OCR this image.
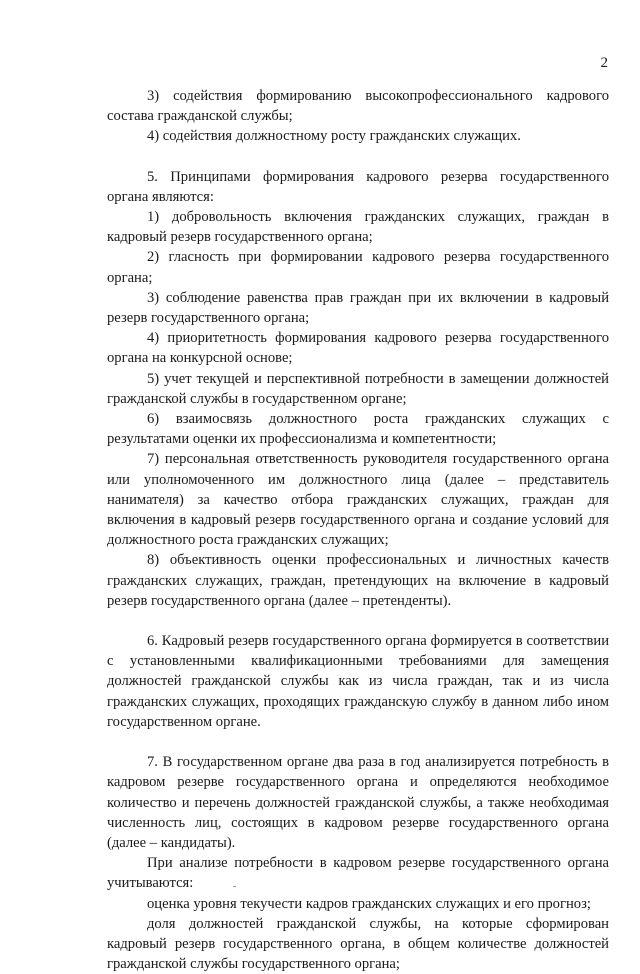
2

3) содействия формированию высокопрофессионального кадрового состава гражданской службы;

4) содействия должностному росту гражданских служащих.

5. Принципами формирования кадрового резерва государственного органа являются:

1) добровольность включения гражданских служащих, граждан в кадровый резерв государственного органа;

2) гласность при формировании кадрового резерва государственного органа;

3) соблюдение равенства прав граждан при их включении в кадровый резерв государственного органа;

4) приоритетность формирования кадрового резерва государственного органа на конкурсной основе;

5) учет текущей и перспективной потребности в замещении должностей гражданской службы в государственном органе;

6) взаимосвязь должностного роста гражданских служащих с результатами оценки их профессионализма и компетентности;

7) персональная ответственность руководителя государственного органа или уполномоченного им должностного лица (далее – представитель нанимателя) за качество отбора гражданских служащих, граждан для включения в кадровый резерв государственного органа и создание условий для должностного роста гражданских служащих;

8) объективность оценки профессиональных и личностных качеств гражданских служащих, граждан, претендующих на включение в кадровый резерв государственного органа (далее – претенденты).

6. Кадровый резерв государственного органа формируется в соответствии с установленными квалификационными требованиями для замещения должностей гражданской службы как из числа граждан, так и из числа гражданских служащих, проходящих гражданскую службу в данном либо ином государственном органе.

7. В государственном органе два раза в год анализируется потребность в кадровом резерве государственного органа и определяются необходимое количество и перечень должностей гражданской службы, а также необходимая численность лиц, состоящих в кадровом резерве государственного органа (далее – кандидаты).

При анализе потребности в кадровом резерве государственного органа учитываются:

оценка уровня текучести кадров гражданских служащих и его прогноз;

доля должностей гражданской службы, на которые сформирован кадровый резерв государственного органа, в общем количестве должностей гражданской службы государственного органа;
